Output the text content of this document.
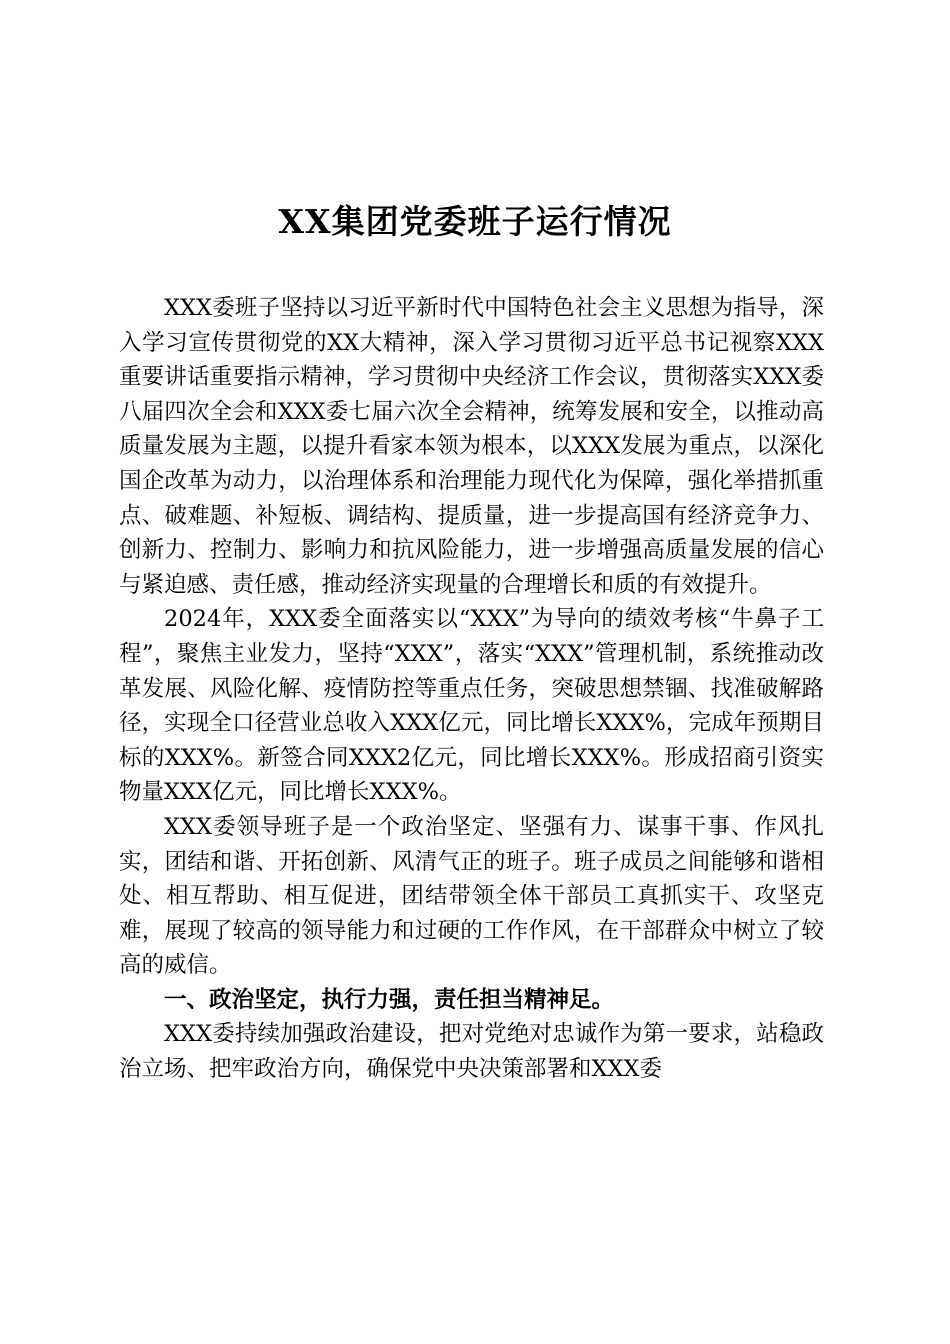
XX集团党委班子运行情况

XXX委班子坚持以习近平新时代中国特色社会主义思想为指导，深入学习宣传贯彻党的XX大精神，深入学习贯彻习近平总书记视察XXX重要讲话重要指示精神，学习贯彻中央经济工作会议，贯彻落实XXX委八届四次全会和XXX委七届六次全会精神，统筹发展和安全，以推动高质量发展为主题，以提升看家本领为根本，以XXX发展为重点，以深化国企改革为动力，以治理体系和治理能力现代化为保障，强化举措抓重点、破难题、补短板、调结构、提质量，进一步提高国有经济竞争力、创新力、控制力、影响力和抗风险能力，进一步增强高质量发展的信心与紧迫感、责任感，推动经济实现量的合理增长和质的有效提升。

2024年，XXX委全面落实以“XXX”为导向的绩效考核“牛鼻子工程”，聚焦主业发力，坚持“XXX”，落实“XXX”管理机制，系统推动改革发展、风险化解、疫情防控等重点任务，突破思想禁锢、找准破解路径，实现全口径营业总收入XXX亿元，同比增长XXX%，完成年预期目标的XXX%。新签合同XXX2亿元，同比增长XXX%。形成招商引资实物量XXX亿元，同比增长XXX%。

XXX委领导班子是一个政治坚定、坚强有力、谋事干事、作风扎实，团结和谐、开拓创新、风清气正的班子。班子成员之间能够和谐相处、相互帮助、相互促进，团结带领全体干部员工真抓实干、攻坚克难，展现了较高的领导能力和过硬的工作作风，在干部群众中树立了较高的威信。

一、政治坚定，执行力强，责任担当精神足。

XXX委持续加强政治建设，把对党绝对忠诚作为第一要求，站稳政治立场、把牢政治方向，确保党中央决策部署和XXX委
